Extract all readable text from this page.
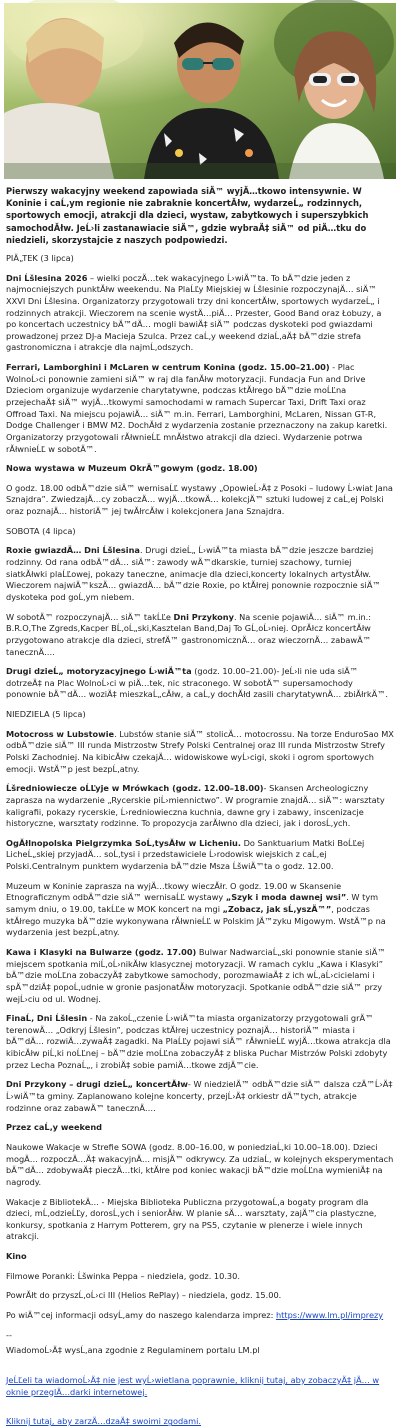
Pierwszy wakacyjny weekend zapowiada siÄ™ wyjÄ…tkowo intensywnie. W Koninie i caĹ‚ym regionie nie zabraknie koncertĂłw, wydarzeĹ„ rodzinnych, sportowych emocji, atrakcji dla dzieci, wystaw, zabytkowych i superszybkich samochodĂłw. JeĹ›li zastanawiacie siÄ™, gdzie wybraÄ‡ siÄ™ od piÄ…tku do niedzieli, skorzystajcie z naszych podpowiedzi.

PIÄ„TEK (3 lipca)

Dni Ĺšlesina 2026 – wielki poczÄ…tek wakacyjnego Ĺ›wiÄ™ta. To bÄ™dzie jeden z najmocniejszych punktĂłw weekendu. Na PlaĹĽy Miejskiej w Ĺšlesinie rozpoczynajÄ… siÄ™ XXVI Dni Ĺšlesina. Organizatorzy przygotowali trzy dni koncertĂłw, sportowych wydarzeĹ„ i rodzinnych atrakcji. Wieczorem na scenie wystÄ…piÄ… Przester, Good Band oraz Łobuzy, a po koncertach uczestnicy bÄ™dÄ… mogli bawiÄ‡ siÄ™ podczas dyskoteki pod gwiazdami prowadzonej przez DJ-a Macieja Szulca. Przez caĹ‚y weekend dziaĹ‚aÄ‡ bÄ™dzie strefa gastronomiczna i atrakcje dla najmĹ‚odszych.

Ferrari, Lamborghini i McLaren w centrum Konina (godz. 15.00–21.00) - Plac WolnoĹ›ci ponownie zamieni siÄ™ w raj dla fanĂłw motoryzacji. Fundacja Fun and Drive Dzieciom organizuje wydarzenie charytatywne, podczas ktĂłrego bÄ™dzie moĹĽna przejechaÄ‡ siÄ™ wyjÄ…tkowymi samochodami w ramach Supercar Taxi, Drift Taxi oraz Offroad Taxi. Na miejscu pojawiÄ… siÄ™ m.in. Ferrari, Lamborghini, McLaren, Nissan GT-R, Dodge Challenger i BMW M2. DochĂłd z wydarzenia zostanie przeznaczony na zakup karetki. Organizatorzy przygotowali rĂłwnieĹĽ mnĂłstwo atrakcji dla dzieci. Wydarzenie potrwa rĂłwnieĹĽ w sobotÄ™.

Nowa wystawa w Muzeum OkrÄ™gowym (godz. 18.00)

O godz. 18.00 odbÄ™dzie siÄ™ wernisaĹĽ wystawy „OpowieĹ›Ä‡ z Posoki – ludowy Ĺ›wiat Jana Sznajdra”. ZwiedzajÄ…cy zobaczÄ… wyjÄ…tkowÄ… kolekcjÄ™ sztuki ludowej z caĹ‚ej Polski oraz poznajÄ… historiÄ™ jej twĂłrcĂłw i kolekcjonera Jana Sznajdra.

SOBOTA (4 lipca)

Roxie gwiazdÄ… Dni Ĺšlesina. Drugi dzieĹ„ Ĺ›wiÄ™ta miasta bÄ™dzie jeszcze bardziej rodzinny. Od rana odbÄ™dÄ… siÄ™: zawody wÄ™dkarskie, turniej szachowy, turniej siatkĂłwki plaĹĽowej, pokazy taneczne, animacje dla dzieci,koncerty lokalnych artystĂłw. Wieczorem najwiÄ™kszÄ… gwiazdÄ… bÄ™dzie Roxie, po ktĂłrej ponownie rozpocznie siÄ™ dyskoteka pod goĹ‚ym niebem.

W sobotÄ™ rozpoczynajÄ… siÄ™ takĹĽe Dni Przykony. Na scenie pojawiÄ… siÄ™ m.in.: B.R.O,The Zgreds,Kacper BĹ‚oĹ„ski,Kasztelan Band,Daj To GĹ‚oĹ›niej. OprĂłcz koncertĂłw przygotowano atrakcje dla dzieci, strefÄ™ gastronomicznÄ… oraz wieczornÄ… zabawÄ™ tanecznÄ….

Drugi dzieĹ„ motoryzacyjnego Ĺ›wiÄ™ta (godz. 10.00–21.00)- JeĹ›li nie uda siÄ™ dotrzeÄ‡ na Plac WolnoĹ›ci w piÄ…tek, nic straconego. W sobotÄ™ supersamochody ponownie bÄ™dÄ… woziÄ‡ mieszkaĹ„cĂłw, a caĹ‚y dochĂłd zasili charytatywnÄ… zbiĂłrkÄ™.

NIEDZIELA (5 lipca)

Motocross w Lubstowie. Lubstów stanie siÄ™ stolicÄ… motocrossu. Na torze EnduroSao MX odbÄ™dzie siÄ™ III runda Mistrzostw Strefy Polski Centralnej oraz III runda Mistrzostw Strefy Polski Zachodniej. Na kibicĂłw czekajÄ… widowiskowe wyĹ›cigi, skoki i ogrom sportowych emocji. WstÄ™p jest bezpĹ‚atny.

Ĺšredniowiecze oĹĽyje w Mrówkach (godz. 12.00–18.00)- Skansen Archeologiczny zaprasza na wydarzenie „Rycerskie piĹ›miennictwo”. W programie znajdÄ… siÄ™: warsztaty kaligrafii, pokazy rycerskie, Ĺ›redniowieczna kuchnia, dawne gry i zabawy, inscenizacje historyczne, warsztaty rodzinne. To propozycja zarĂłwno dla dzieci, jak i dorosĹ‚ych.

OgĂłlnopolska Pielgrzymka SoĹ‚tysĂłw w Licheniu. Do Sanktuarium Matki BoĹĽej LicheĹ„skiej przyjadÄ… soĹ‚tysi i przedstawiciele Ĺ›rodowisk wiejskich z caĹ‚ej Polski.Centralnym punktem wydarzenia bÄ™dzie Msza ĹšwiÄ™ta o godz. 12.00.

Muzeum w Koninie zaprasza na wyjÄ…tkowy wieczĂłr. O godz. 19.00 w Skansenie Etnograficznym odbÄ™dzie siÄ™ wernisaĹĽ wystawy „Szyk i moda dawnej wsi”. W tym samym dniu, o 19.00, takĹĽe w MOK koncert na mgi „Zobacz, jak sĹ‚yszÄ™”, podczas ktĂłrego muzyka bÄ™dzie wykonywana rĂłwnieĹĽ w Polskim JÄ™zyku Migowym. WstÄ™p na wydarzenia jest bezpĹ‚atny.

Kawa i Klasyki na Bulwarze (godz. 17.00) Bulwar NadwarciaĹ„ski ponownie stanie siÄ™ miejscem spotkania miĹ‚oĹ›nikĂłw klasycznej motoryzacji. W ramach cyklu „Kawa i Klasyki” bÄ™dzie moĹĽna zobaczyÄ‡ zabytkowe samochody, porozmawiaÄ‡ z ich wĹ‚aĹ›cicielami i spÄ™dziÄ‡ popoĹ‚udnie w gronie pasjonatĂłw motoryzacji. Spotkanie odbÄ™dzie siÄ™ przy wejĹ›ciu od ul. Wodnej.

FinaĹ‚ Dni Ĺšlesin - Na zakoĹ„czenie Ĺ›wiÄ™ta miasta organizatorzy przygotowali grÄ™ terenowÄ… „Odkryj Ĺšlesin”, podczas ktĂłrej uczestnicy poznajÄ… historiÄ™ miasta i bÄ™dÄ… rozwiÄ…zywaÄ‡ zagadki. Na PlaĹĽy pojawi siÄ™ rĂłwnieĹĽ wyjÄ…tkowa atrakcja dla kibicĂłw piĹ‚ki noĹĽnej – bÄ™dzie moĹĽna zobaczyÄ‡ z bliska Puchar Mistrzów Polski zdobyty przez Lecha PoznaĹ„, i zrobiÄ‡ sobie pamiÄ…tkowe zdjÄ™cie.

Dni Przykony – drugi dzieĹ„ koncertĂłw- W niedzielÄ™ odbÄ™dzie siÄ™ dalsza czÄ™Ĺ›Ä‡ Ĺ›wiÄ™ta gminy. Zaplanowano kolejne koncerty, przejĹ›Ä‡ orkiestr dÄ™tych, atrakcje rodzinne oraz zabawÄ™ tanecznÄ….

Przez caĹ‚y weekend

Naukowe Wakacje w Strefie SOWA (godz. 8.00–16.00, w poniedziaĹ‚ki 10.00–18.00). Dzieci mogÄ… rozpoczÄ…Ä‡ wakacyjnÄ… misjÄ™ odkrywcy. Za udziaĹ‚ w kolejnych eksperymentach bÄ™dÄ… zdobywaÄ‡ pieczÄ…tki, ktĂłre pod koniec wakacji bÄ™dzie moĹĽna wymieniÄ‡ na nagrody.

Wakacje z BibliotekÄ… - Miejska Biblioteka Publiczna przygotowaĹ‚a bogaty program dla dzieci, mĹ‚odzieĹĽy, dorosĹ‚ych i seniorĂłw. W planie sÄ… warsztaty, zajÄ™cia plastyczne, konkursy, spotkania z Harrym Potterem, gry na PS5, czytanie w plenerze i wiele innych atrakcji.

Kino

Filmowe Poranki: Ĺšwinka Peppa – niedziela, godz. 10.30.

PowrĂłt do przyszĹ‚oĹ›ci III (Helios RePlay) – niedziela, godz. 15.00.

Po wiÄ™cej informacji odsyĹ‚amy do naszego kalendarza imprez: https://www.lm.pl/imprezy

--

WiadomoĹ›Ä‡ wysĹ‚ana zgodnie z Regulaminem portalu LM.pl

JeĹĽeli ta wiadomoĹ›Ä‡ nie jest wyĹ›wietlana poprawnie, kliknij tutaj, aby zobaczyÄ‡ jÄ… w oknie przeglÄ…darki internetowej.

Kliknij tutaj, aby zarzÄ…dzaÄ‡ swoimi zgodami.
